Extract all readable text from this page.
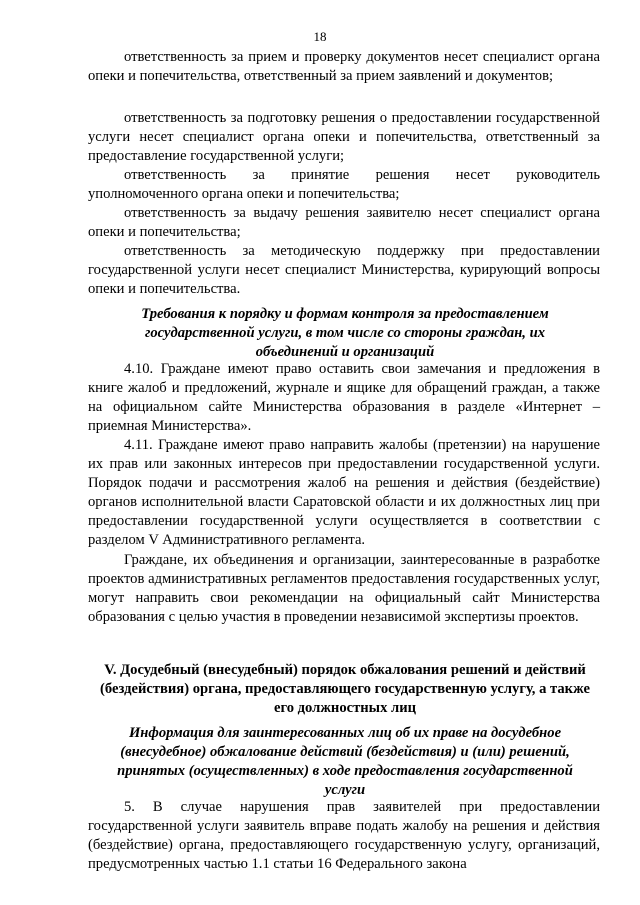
18

ответственность за прием и проверку документов несет специалист органа опеки и попечительства, ответственный за прием заявлений и документов;

ответственность за подготовку решения о предоставлении государственной услуги несет специалист органа опеки и попечительства, ответственный за предоставление государственной услуги;

ответственность за принятие решения несет руководитель уполномоченного органа опеки и попечительства;

ответственность за выдачу решения заявителю несет специалист органа опеки и попечительства;

ответственность за методическую поддержку при предоставлении государственной услуги несет специалист Министерства, курирующий вопросы опеки и попечительства.

Требования к порядку и формам контроля за предоставлением государственной услуги, в том числе со стороны граждан, их объединений и организаций

4.10. Граждане имеют право оставить свои замечания и предложения в книге жалоб и предложений, журнале и ящике для обращений граждан, а также на официальном сайте Министерства образования в разделе «Интернет – приемная Министерства».

4.11. Граждане имеют право направить жалобы (претензии) на нарушение их прав или законных интересов при предоставлении государственной услуги. Порядок подачи и рассмотрения жалоб на решения и действия (бездействие) органов исполнительной власти Саратовской области и их должностных лиц при предоставлении государственной услуги осуществляется в соответствии с разделом V Административного регламента.

Граждане, их объединения и организации, заинтересованные в разработке проектов административных регламентов предоставления государственных услуг, могут направить свои рекомендации на официальный сайт Министерства образования с целью участия в проведении независимой экспертизы проектов.

V. Досудебный (внесудебный) порядок обжалования решений и действий (бездействия) органа, предоставляющего государственную услугу, а также его должностных лиц

Информация для заинтересованных лиц об их праве на досудебное (внесудебное) обжалование действий (бездействия) и (или) решений, принятых (осуществленных) в ходе предоставления государственной услуги

5. В случае нарушения прав заявителей при предоставлении государственной услуги заявитель вправе подать жалобу на решения и действия (бездействие) органа, предоставляющего государственную услугу, организаций, предусмотренных частью 1.1 статьи 16 Федерального закона
